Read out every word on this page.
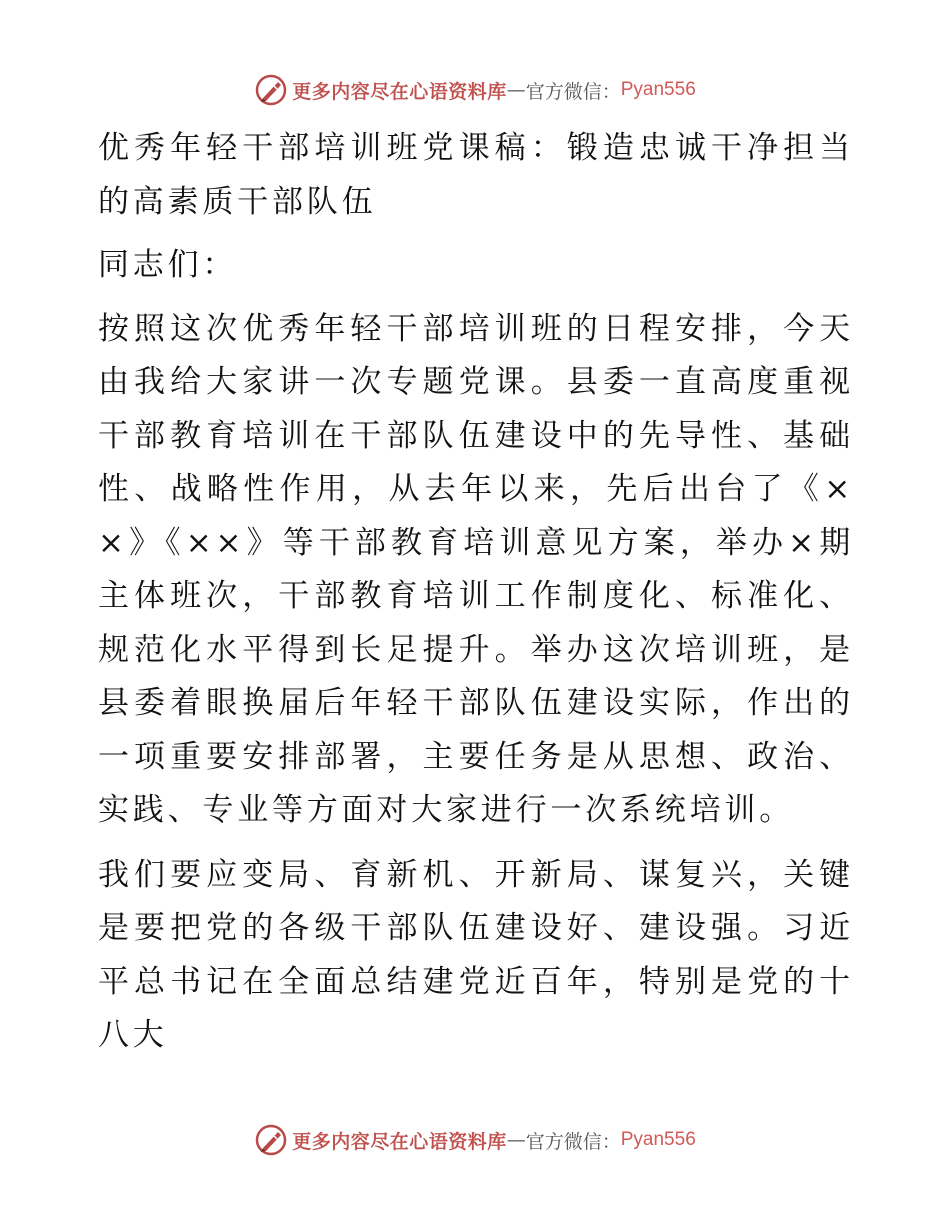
更多内容尽在心语资料库 — 官方微信： Pyan556

优秀年轻干部培训班党课稿：锻造忠诚干净担当的高素质干部队伍

同志们：

按照这次优秀年轻干部培训班的日程安排，今天由我给大家讲一次专题党课。县委一直高度重视干部教育培训在干部队伍建设中的先导性、基础性、战略性作用，从去年以来，先后出台了《××》《××》等干部教育培训意见方案，举办×期主体班次，干部教育培训工作制度化、标准化、规范化水平得到长足提升。举办这次培训班，是县委着眼换届后年轻干部队伍建设实际，作出的一项重要安排部署，主要任务是从思想、政治、实践、专业等方面对大家进行一次系统培训。

我们要应变局、育新机、开新局、谋复兴，关键是要把党的各级干部队伍建设好、建设强。习近平总书记在全面总结建党近百年，特别是党的十八大

更多内容尽在心语资料库 — 官方微信： Pyan556
